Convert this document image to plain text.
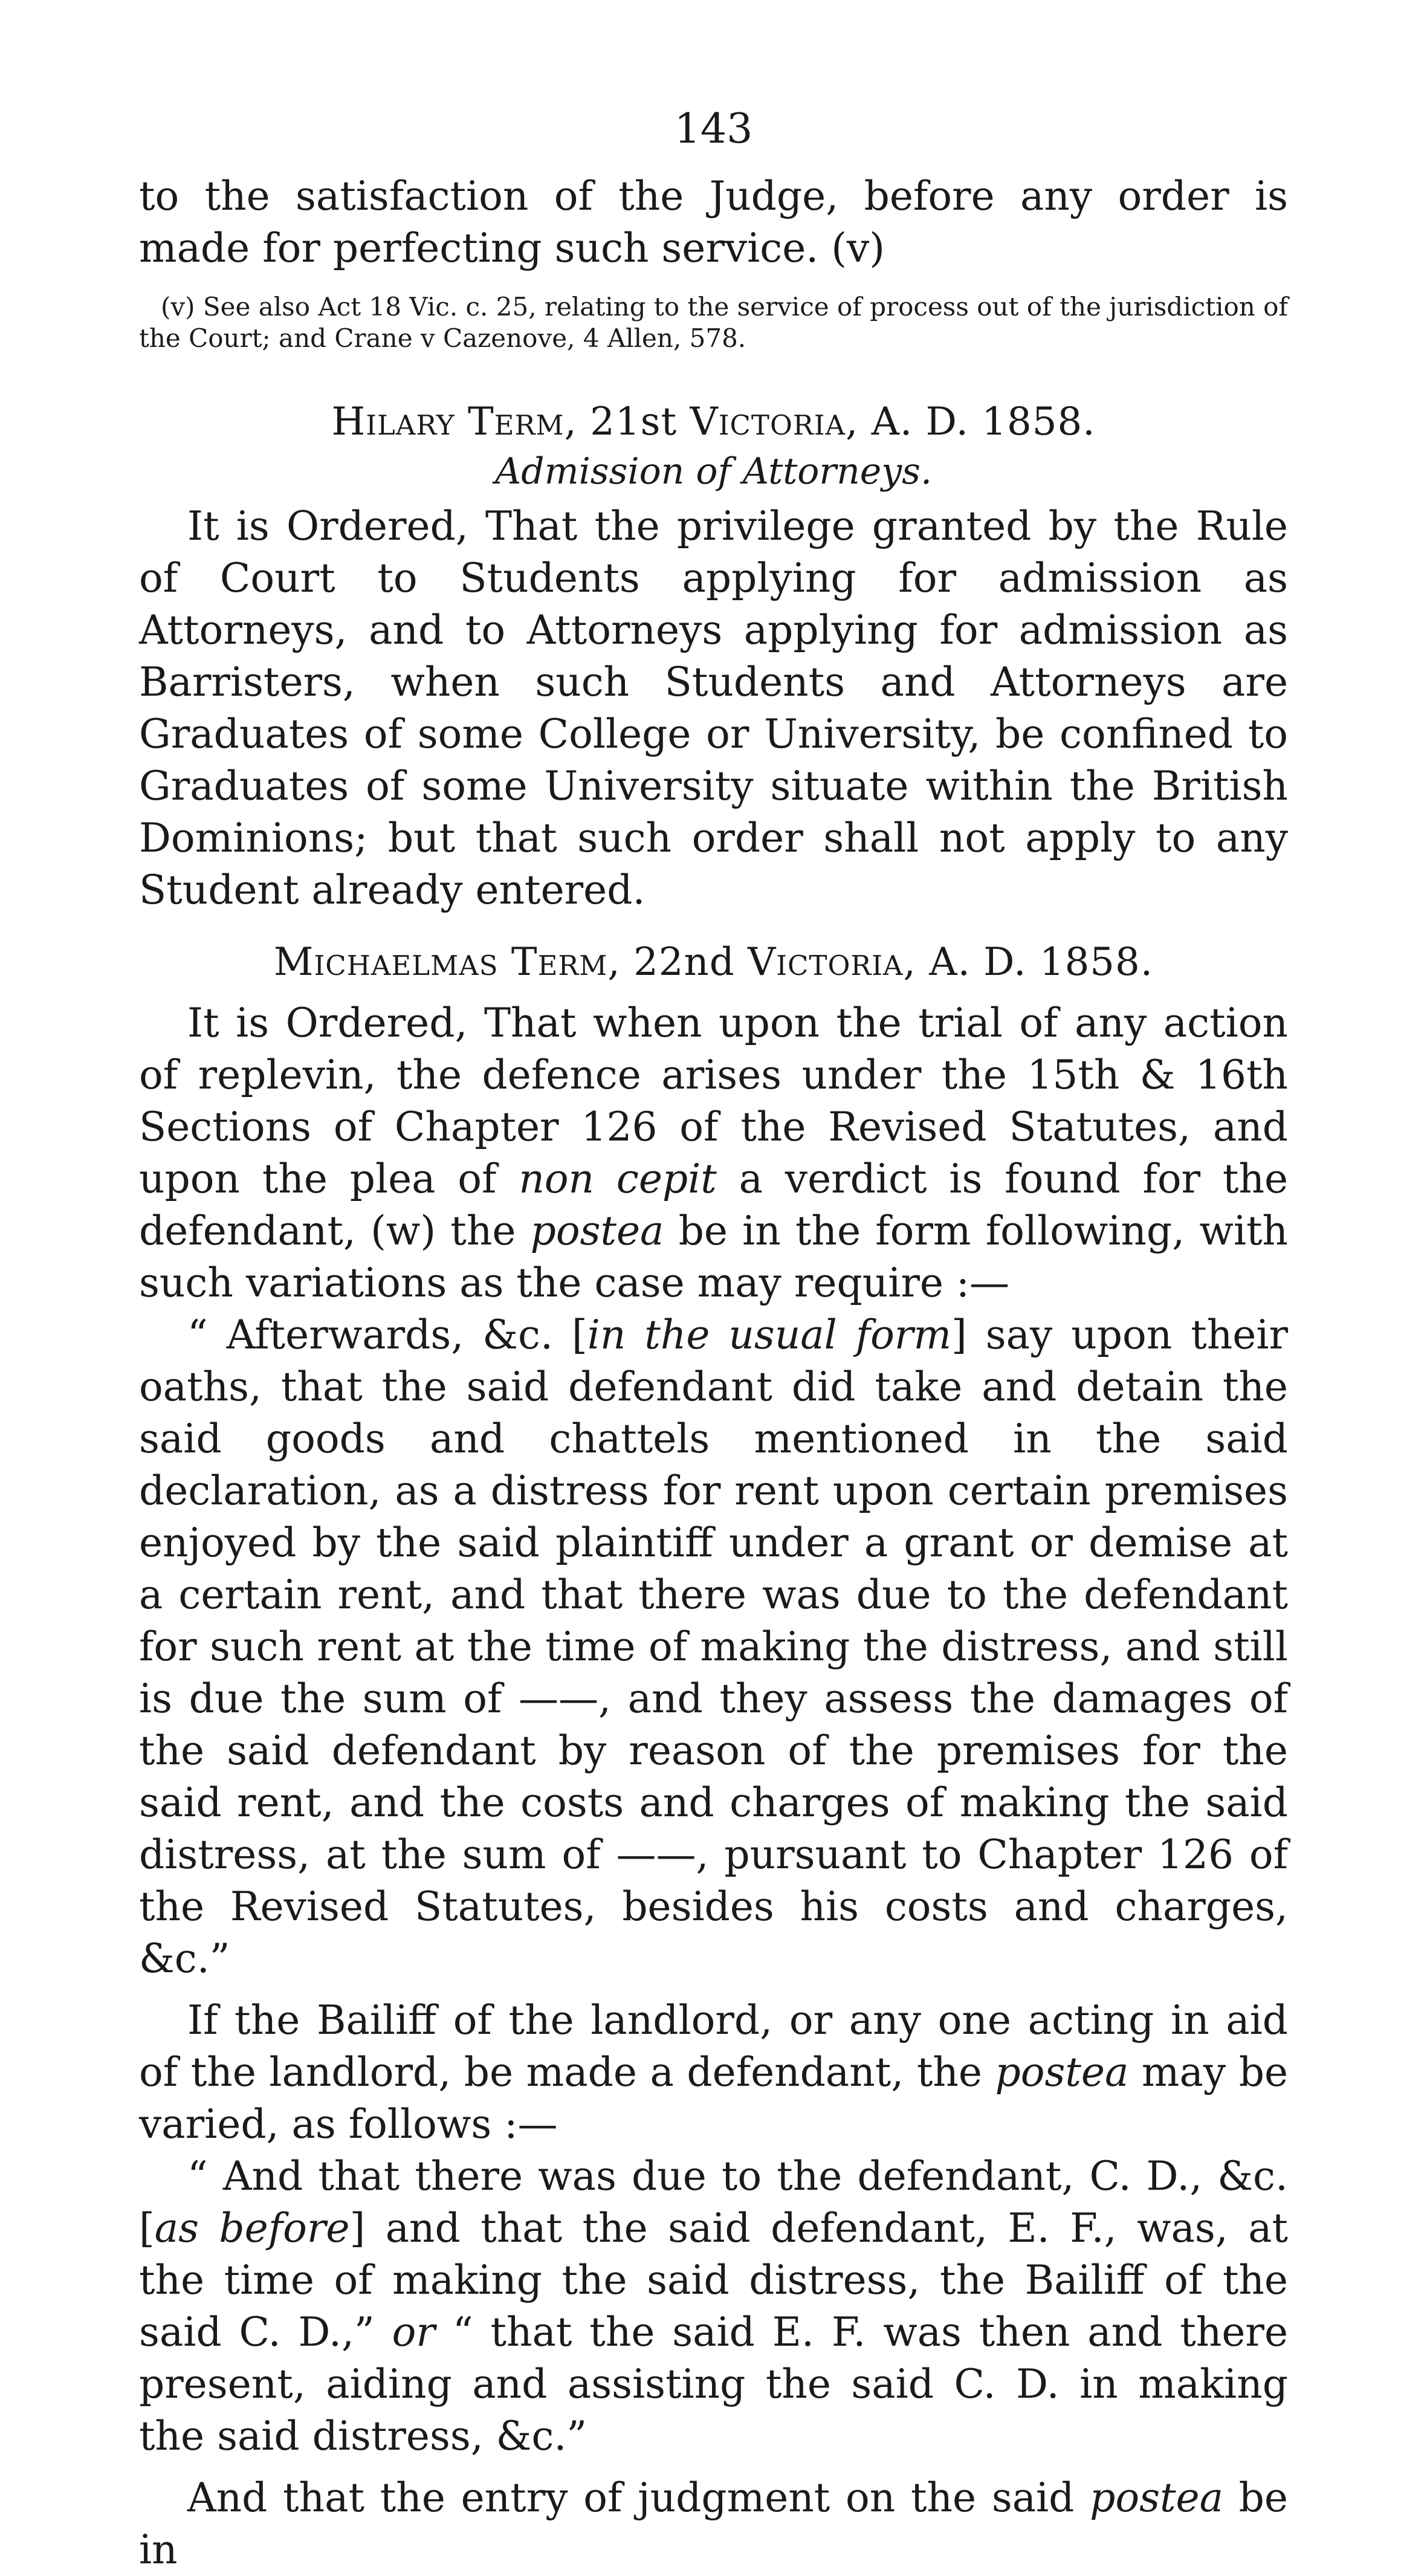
143

to the satisfaction of the Judge, before any order is made for perfecting such service. (v)

(v) See also Act 18 Vic. c. 25, relating to the service of process out of the jurisdiction of the Court; and Crane v Cazenove, 4 Allen, 578.

Hilary Term, 21st Victoria, A. D. 1858.

Admission of Attorneys.

It is Ordered, That the privilege granted by the Rule of Court to Students applying for admission as Attorneys, and to Attorneys applying for admission as Barristers, when such Students and Attorneys are Graduates of some College or University, be confined to Graduates of some University situate within the British Dominions; but that such order shall not apply to any Student already entered.

Michaelmas Term, 22nd Victoria, A. D. 1858.

It is Ordered, That when upon the trial of any action of replevin, the defence arises under the 15th & 16th Sections of Chapter 126 of the Revised Statutes, and upon the plea of non cepit a verdict is found for the defendant, (w) the postea be in the form following, with such variations as the case may require :—

“ Afterwards, &c. [in the usual form] say upon their oaths, that the said defendant did take and detain the said goods and chattels mentioned in the said declaration, as a distress for rent upon certain premises enjoyed by the said plaintiff under a grant or demise at a certain rent, and that there was due to the defendant for such rent at the time of making the distress, and still is due the sum of ——, and they assess the damages of the said defendant by reason of the premises for the said rent, and the costs and charges of making the said distress, at the sum of ——, pursuant to Chapter 126 of the Revised Statutes, besides his costs and charges, &c.”

If the Bailiff of the landlord, or any one acting in aid of the landlord, be made a defendant, the postea may be varied, as follows :—

“ And that there was due to the defendant, C. D., &c. [as before] and that the said defendant, E. F., was, at the time of making the said distress, the Bailiff of the said C. D.,” or “ that the said E. F. was then and there present, aiding and assisting the said C. D. in making the said distress, &c.”

And that the entry of judgment on the said postea be in
